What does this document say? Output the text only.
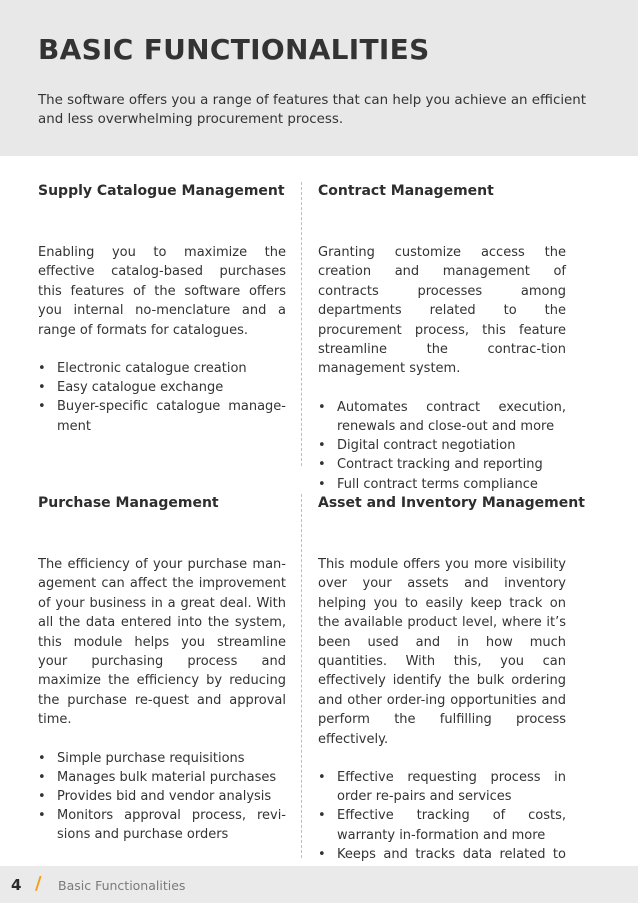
BASIC FUNCTIONALITIES
The software offers you a range of features that can help you achieve an efficient and less overwhelming procurement process.
Supply Catalogue Management

Enabling you to maximize the effective catalog-based purchases this features of the software offers you internal no-menclature and a range of formats for catalogues.

• Electronic catalogue creation
• Easy catalogue exchange
• Buyer-specific catalogue manage-ment
Contract Management

Granting customize access the creation and management of contracts processes among departments related to the procurement process, this feature streamline the contrac-tion management system.

• Automates contract execution, renewals and close-out and more
• Digital contract negotiation
• Contract tracking and reporting
• Full contract terms compliance
Purchase Management

The efficiency of your purchase man-agement can affect the improvement of your business in a great deal. With all the data entered into the system, this module helps you streamline your purchasing process and maximize the efficiency by reducing the purchase re-quest and approval time.

• Simple purchase requisitions
• Manages bulk material purchases
• Provides bid and vendor analysis
• Monitors approval process, revi-sions and purchase orders
Asset and Inventory Management

This module offers you more visibility over your assets and inventory helping you to easily keep track on the available product level, where it’s been used and in how much quantities. With this, you can effectively identify the bulk ordering and other order-ing opportunities and perform the fulfilling process effectively.

• Effective requesting process in order re-pairs and services
• Effective tracking of costs, warranty in-formation and more
• Keeps and tracks data related to
4 / Basic Functionalities
